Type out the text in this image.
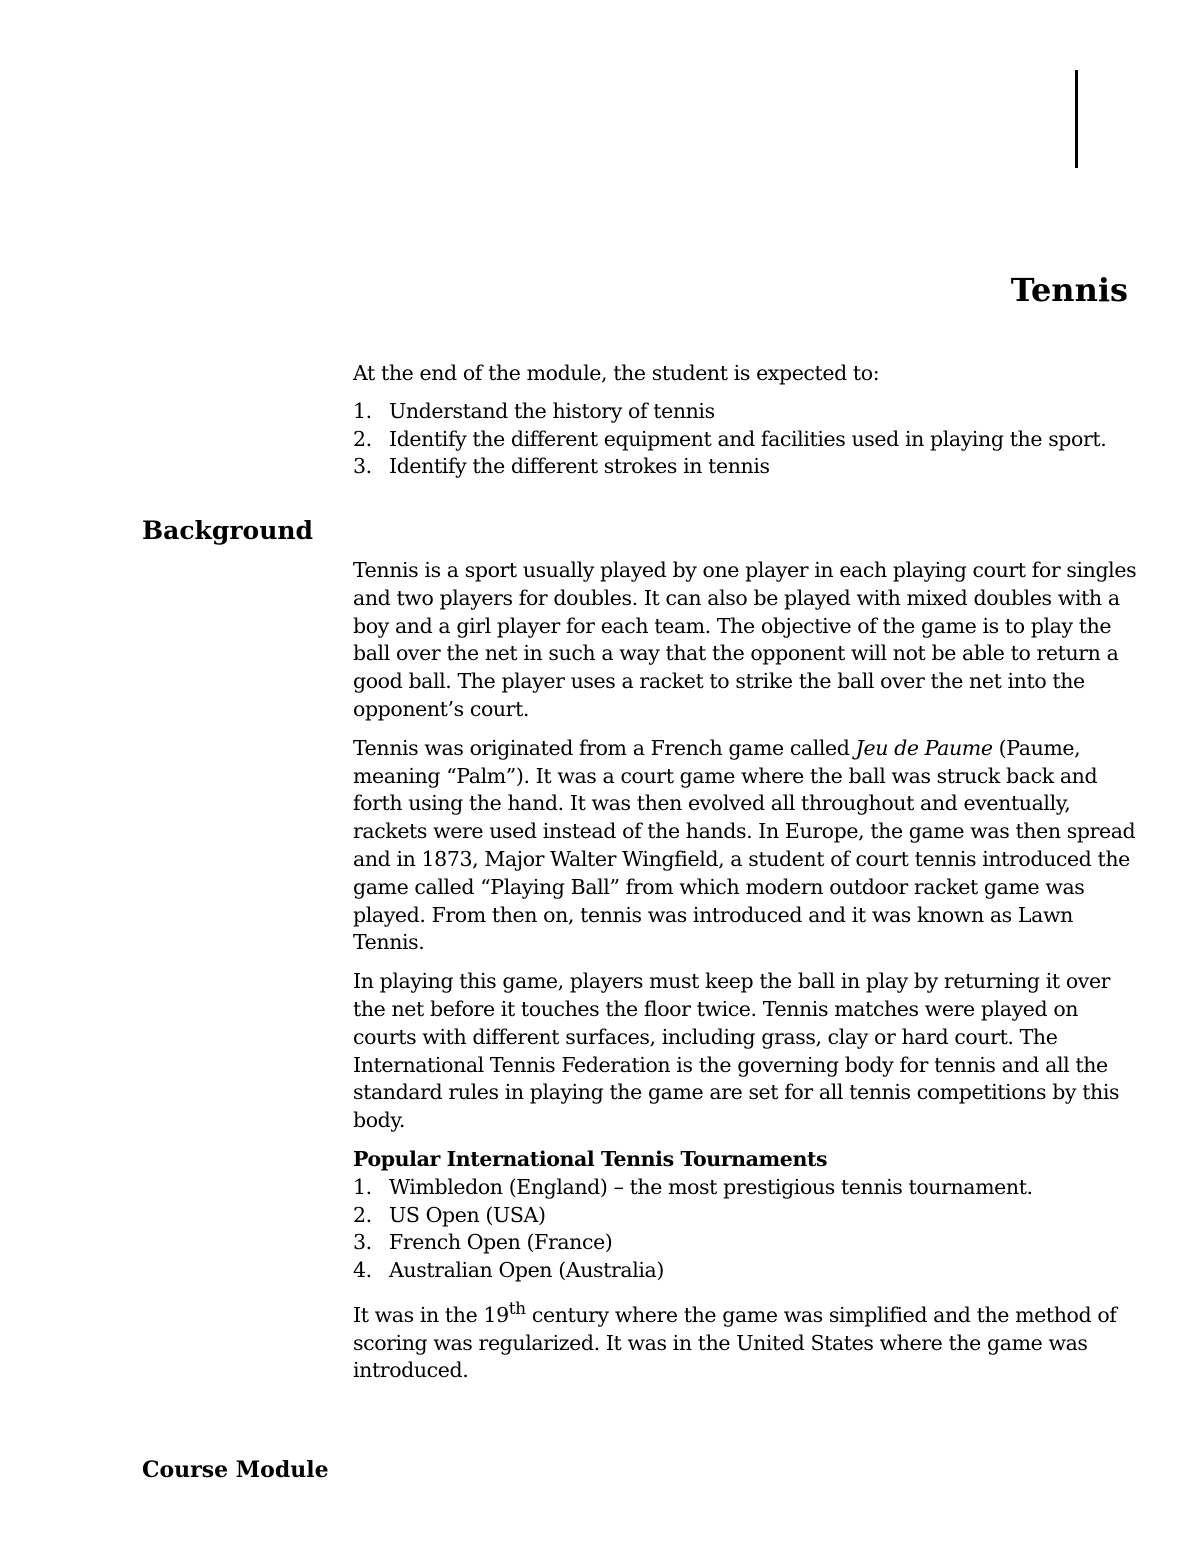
Tennis

At the end of the module, the student is expected to:

1. Understand the history of tennis
2. Identify the different equipment and facilities used in playing the sport.
3. Identify the different strokes in tennis
Background

Tennis is a sport usually played by one player in each playing court for singles and two players for doubles. It can also be played with mixed doubles with a boy and a girl player for each team. The objective of the game is to play the ball over the net in such a way that the opponent will not be able to return a good ball. The player uses a racket to strike the ball over the net into the opponent’s court.

Tennis was originated from a French game called Jeu de Paume (Paume, meaning “Palm”). It was a court game where the ball was struck back and forth using the hand. It was then evolved all throughout and eventually, rackets were used instead of the hands. In Europe, the game was then spread and in 1873, Major Walter Wingfield, a student of court tennis introduced the game called “Playing Ball” from which modern outdoor racket game was played. From then on, tennis was introduced and it was known as Lawn Tennis.

In playing this game, players must keep the ball in play by returning it over the net before it touches the floor twice. Tennis matches were played on courts with different surfaces, including grass, clay or hard court. The International Tennis Federation is the governing body for tennis and all the standard rules in playing the game are set for all tennis competitions by this body.

Popular International Tennis Tournaments

1. Wimbledon (England) – the most prestigious tennis tournament.
2. US Open (USA)
3. French Open (France)
4. Australian Open (Australia)

It was in the 19th century where the game was simplified and the method of scoring was regularized. It was in the United States where the game was introduced.

Course Module
